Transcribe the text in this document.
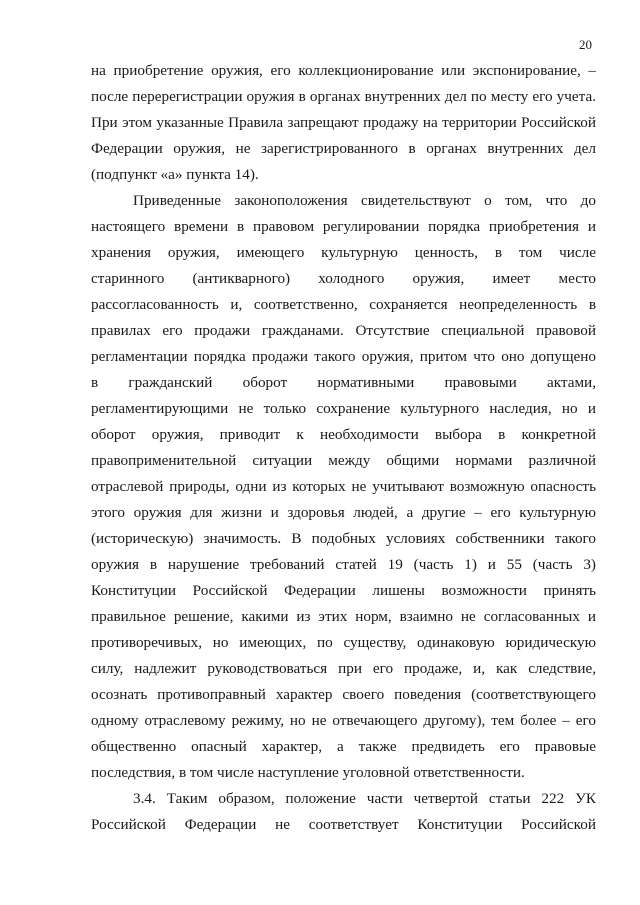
20
на приобретение оружия, его коллекционирование или экспонирование, –
после перерегистрации оружия в органах внутренних дел по месту его учета.
При этом указанные Правила запрещают продажу на территории Российской
Федерации оружия, не зарегистрированного в органах внутренних дел
(подпункт «а» пункта 14).
Приведенные законоположения свидетельствуют о том, что до
настоящего времени в правовом регулировании порядка приобретения и
хранения оружия, имеющего культурную ценность, в том числе
старинного (антикварного) холодного оружия, имеет место
рассогласованность и, соответственно, сохраняется неопределенность в
правилах его продажи гражданами. Отсутствие специальной правовой
регламентации порядка продажи такого оружия, притом что оно допущено
в гражданский оборот нормативными правовыми актами,
регламентирующими не только сохранение культурного наследия, но и
оборот оружия, приводит к необходимости выбора в конкретной
правоприменительной ситуации между общими нормами различной
отраслевой природы, одни из которых не учитывают возможную опасность
этого оружия для жизни и здоровья людей, а другие – его культурную
(историческую) значимость. В подобных условиях собственники такого
оружия в нарушение требований статей 19 (часть 1) и 55 (часть 3)
Конституции Российской Федерации лишены возможности принять
правильное решение, какими из этих норм, взаимно не согласованных и
противоречивых, но имеющих, по существу, одинаковую юридическую
силу, надлежит руководствоваться при его продаже, и, как следствие,
осознать противоправный характер своего поведения (соответствующего
одному отраслевому режиму, но не отвечающего другому), тем более – его
общественно опасный характер, а также предвидеть его правовые
последствия, в том числе наступление уголовной ответственности.
3.4. Таким образом, положение части четвертой статьи 222 УК
Российской Федерации не соответствует Конституции Российской
